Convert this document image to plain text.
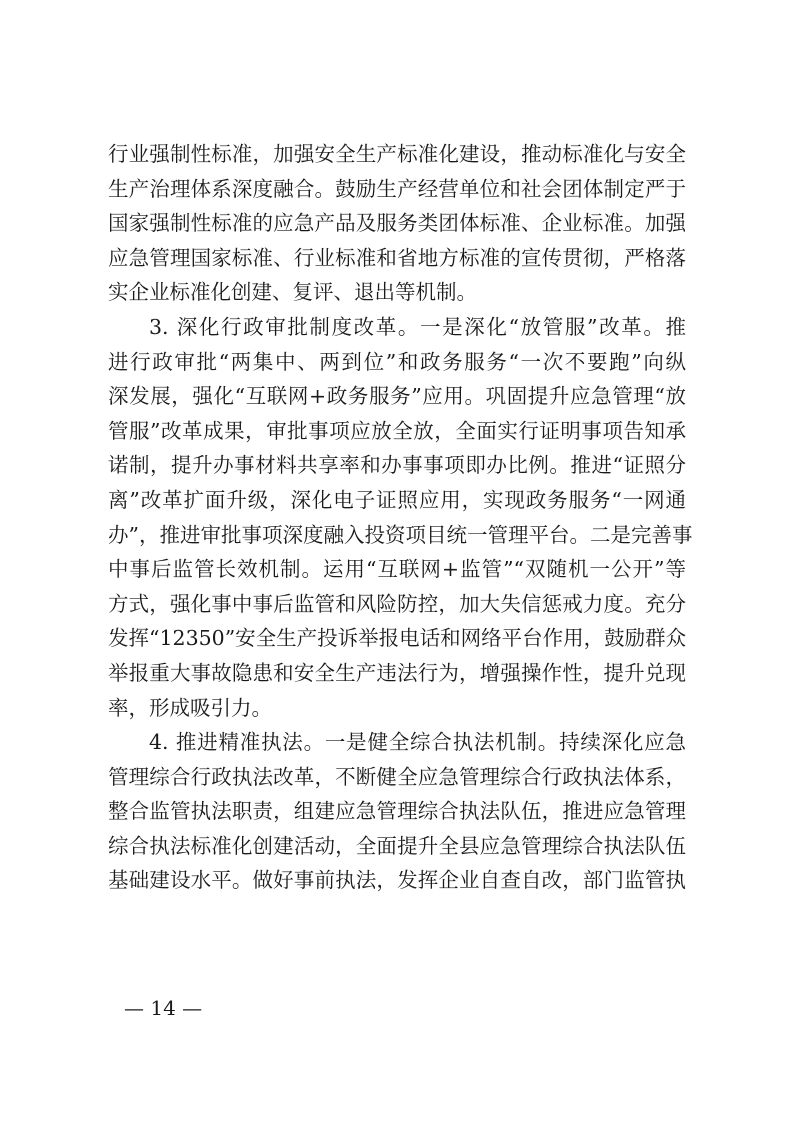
行业强制性标准，加强安全生产标准化建设，推动标准化与安全
生产治理体系深度融合。鼓励生产经营单位和社会团体制定严于
国家强制性标准的应急产品及服务类团体标准、企业标准。加强
应急管理国家标准、行业标准和省地方标准的宣传贯彻，严格落
实企业标准化创建、复评、退出等机制。
3. 深化行政审批制度改革。一是深化“放管服”改革。推
进行政审批“两集中、两到位”和政务服务“一次不要跑”向纵
深发展，强化“互联网+政务服务”应用。巩固提升应急管理“放
管服”改革成果，审批事项应放全放，全面实行证明事项告知承
诺制，提升办事材料共享率和办事事项即办比例。推进“证照分
离”改革扩面升级，深化电子证照应用，实现政务服务“一网通
办”，推进审批事项深度融入投资项目统一管理平台。二是完善事
中事后监管长效机制。运用“互联网+监管”“双随机一公开”等
方式，强化事中事后监管和风险防控，加大失信惩戒力度。充分
发挥“12350”安全生产投诉举报电话和网络平台作用，鼓励群众
举报重大事故隐患和安全生产违法行为，增强操作性，提升兑现
率，形成吸引力。
4. 推进精准执法。一是健全综合执法机制。持续深化应急
管理综合行政执法改革，不断健全应急管理综合行政执法体系，
整合监管执法职责，组建应急管理综合执法队伍，推进应急管理
综合执法标准化创建活动，全面提升全县应急管理综合执法队伍
基础建设水平。做好事前执法，发挥企业自查自改，部门监管执
— 14 —
